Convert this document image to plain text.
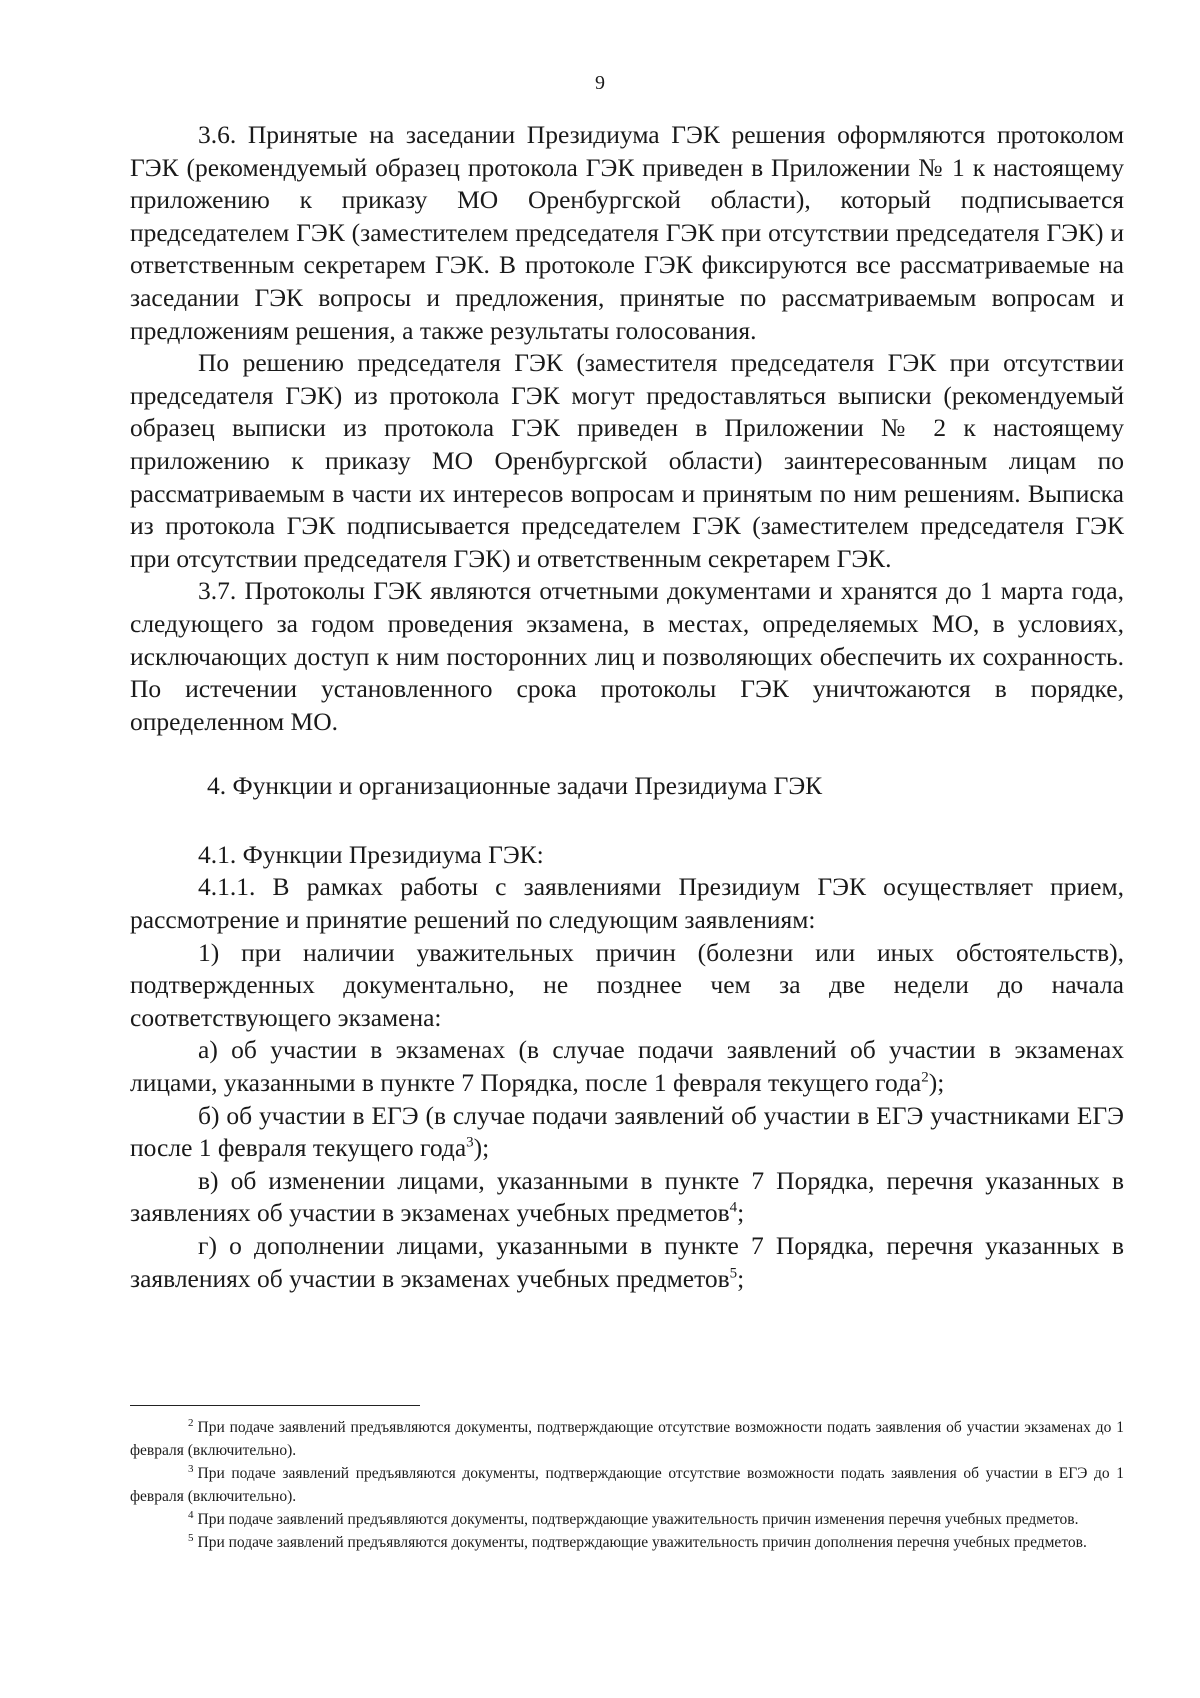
9

3.6. Принятые на заседании Президиума ГЭК решения оформляются протоколом ГЭК (рекомендуемый образец протокола ГЭК приведен в Приложении № 1 к настоящему приложению к приказу МО Оренбургской области), который подписывается председателем ГЭК (заместителем председателя ГЭК при отсутствии председателя ГЭК) и ответственным секретарем ГЭК. В протоколе ГЭК фиксируются все рассматриваемые на заседании ГЭК вопросы и предложения, принятые по рассматриваемым вопросам и предложениям решения, а также результаты голосования.

По решению председателя ГЭК (заместителя председателя ГЭК при отсутствии председателя ГЭК) из протокола ГЭК могут предоставляться выписки (рекомендуемый образец выписки из протокола ГЭК приведен в Приложении № 2 к настоящему приложению к приказу МО Оренбургской области) заинтересованным лицам по рассматриваемым в части их интересов вопросам и принятым по ним решениям. Выписка из протокола ГЭК подписывается председателем ГЭК (заместителем председателя ГЭК при отсутствии председателя ГЭК) и ответственным секретарем ГЭК.

3.7. Протоколы ГЭК являются отчетными документами и хранятся до 1 марта года, следующего за годом проведения экзамена, в местах, определяемых МО, в условиях, исключающих доступ к ним посторонних лиц и позволяющих обеспечить их сохранность. По истечении установленного срока протоколы ГЭК уничтожаются в порядке, определенном МО.

4. Функции и организационные задачи Президиума ГЭК

4.1. Функции Президиума ГЭК:

4.1.1. В рамках работы с заявлениями Президиум ГЭК осуществляет прием, рассмотрение и принятие решений по следующим заявлениям:

1) при наличии уважительных причин (болезни или иных обстоятельств), подтвержденных документально, не позднее чем за две недели до начала соответствующего экзамена:

а) об участии в экзаменах (в случае подачи заявлений об участии в экзаменах лицами, указанными в пункте 7 Порядка, после 1 февраля текущего года$^2$);

б) об участии в ЕГЭ (в случае подачи заявлений об участии в ЕГЭ участниками ЕГЭ после 1 февраля текущего года$^3$);

в) об изменении лицами, указанными в пункте 7 Порядка, перечня указанных в заявлениях об участии в экзаменах учебных предметов$^4$;

г) о дополнении лицами, указанными в пункте 7 Порядка, перечня указанных в заявлениях об участии в экзаменах учебных предметов$^5$;

$^2$ При подаче заявлений предъявляются документы, подтверждающие отсутствие возможности подать заявления об участии экзаменах до 1 февраля (включительно).

$^3$ При подаче заявлений предъявляются документы, подтверждающие отсутствие возможности подать заявления об участии в ЕГЭ до 1 февраля (включительно).

$^4$ При подаче заявлений предъявляются документы, подтверждающие уважительность причин изменения перечня учебных предметов.

$^5$ При подаче заявлений предъявляются документы, подтверждающие уважительность причин дополнения перечня учебных предметов.
